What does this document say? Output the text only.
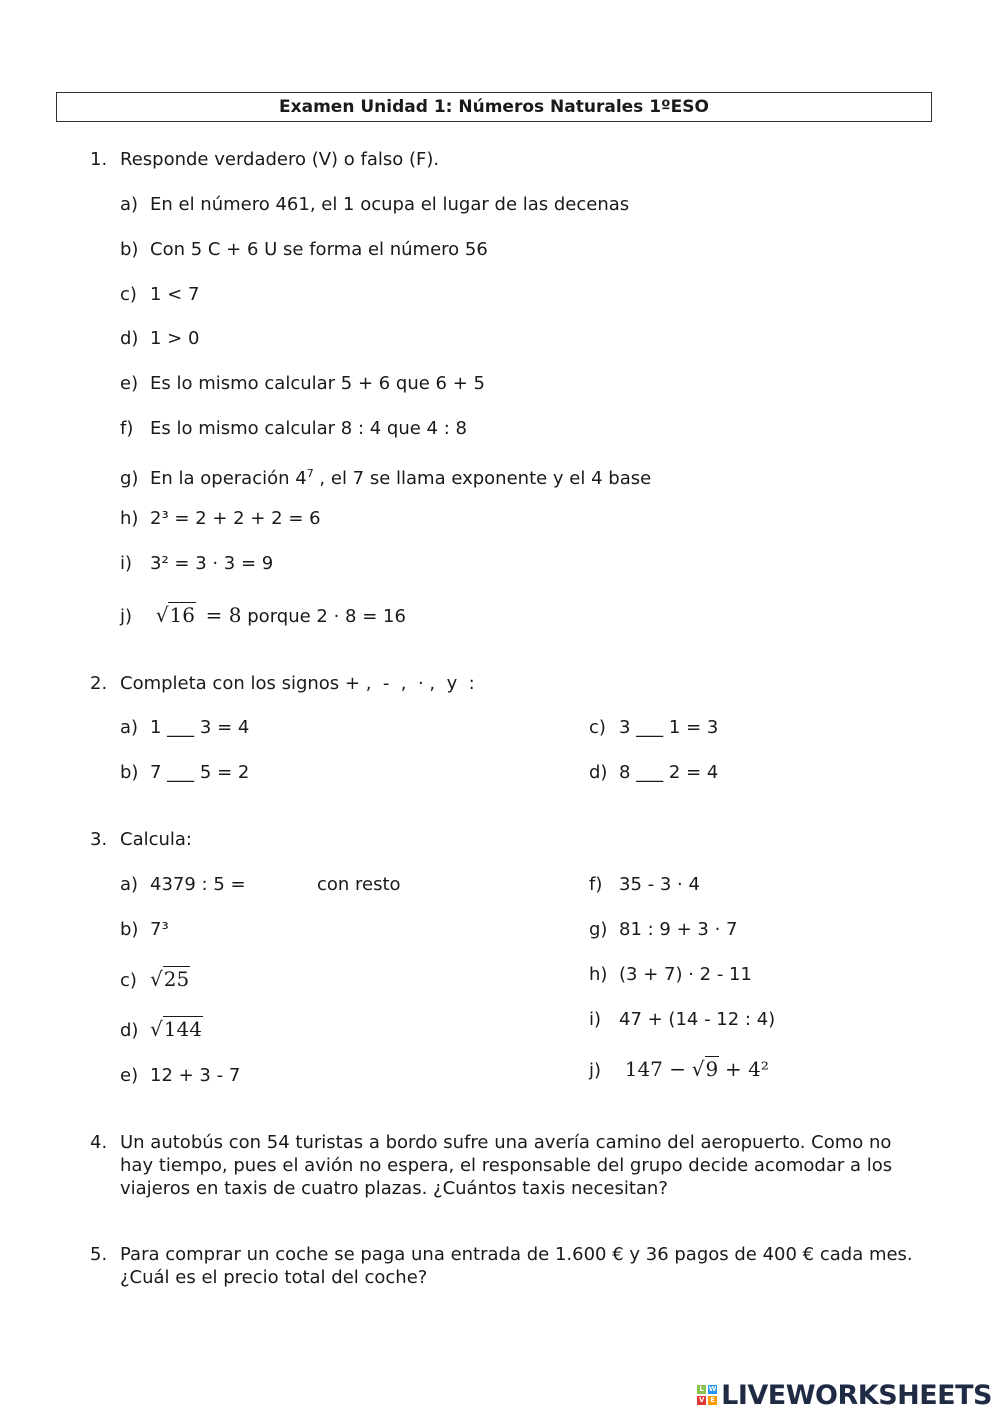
Examen Unidad 1: Números Naturales 1ºESO
1. Responde verdadero (V) o falso (F).
a) En el número 461, el 1 ocupa el lugar de las decenas
b) Con 5 C + 6 U se forma el número 56
c) 1 < 7
d) 1 > 0
e) Es lo mismo calcular 5 + 6 que 6 + 5
f) Es lo mismo calcular 8 : 4 que 4 : 8
g) En la operación $4^7$ , el 7 se llama exponente y el 4 base
h) 2³ = 2 + 2 + 2 = 6
i) 3² = 3 · 3 = 9
j) √16 = 8 porque 2 · 8 = 16
2. Completa con los signos + ,  -  ,  · ,  y  :
a) 1 ___ 3 = 4
b) 7 ___ 5 = 2
c) 3 ___ 1 = 3
d) 8 ___ 2 = 4
3. Calcula:
a) 4379 : 5 =	con resto
b) 7³
c) √25
d) √144
e) 12 + 3 - 7
f) 35 - 3 · 4
g) 81 : 9 + 3 · 7
h) (3 + 7) · 2 - 11
i) 47 + (14 - 12 : 4)
j) 147 − √9 + 4²
4. Un autobús con 54 turistas a bordo sufre una avería camino del aeropuerto. Como no hay tiempo, pues el avión no espera, el responsable del grupo decide acomodar a los viajeros en taxis de cuatro plazas. ¿Cuántos taxis necesitan?
5. Para comprar un coche se paga una entrada de 1.600 € y 36 pagos de 400 € cada mes. ¿Cuál es el precio total del coche?
L W
V E LIVEWORKSHEETS
